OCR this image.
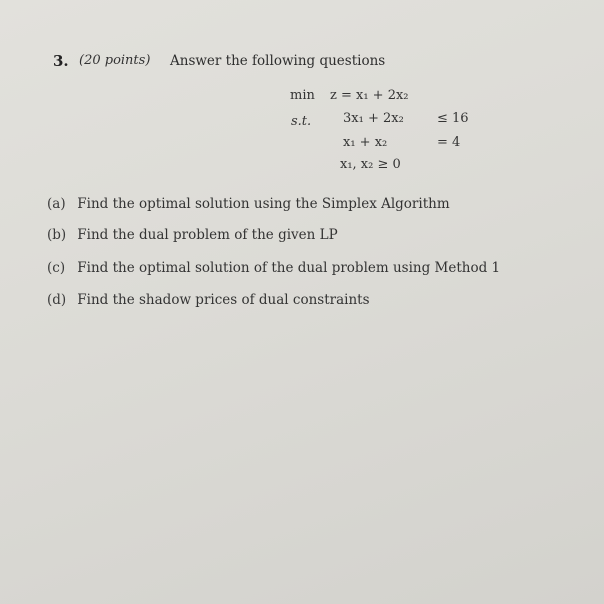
3. (20 points) Answer the following questions
min z = x₁ + 2x₂
s.t. 3x₁ + 2x₂	≤ 16
x₁ + x₂	= 4
x₁, x₂ ≥ 0
(a) Find the optimal solution using the Simplex Algorithm
(b) Find the dual problem of the given LP
(c) Find the optimal solution of the dual problem using Method 1
(d) Find the shadow prices of dual constraints
